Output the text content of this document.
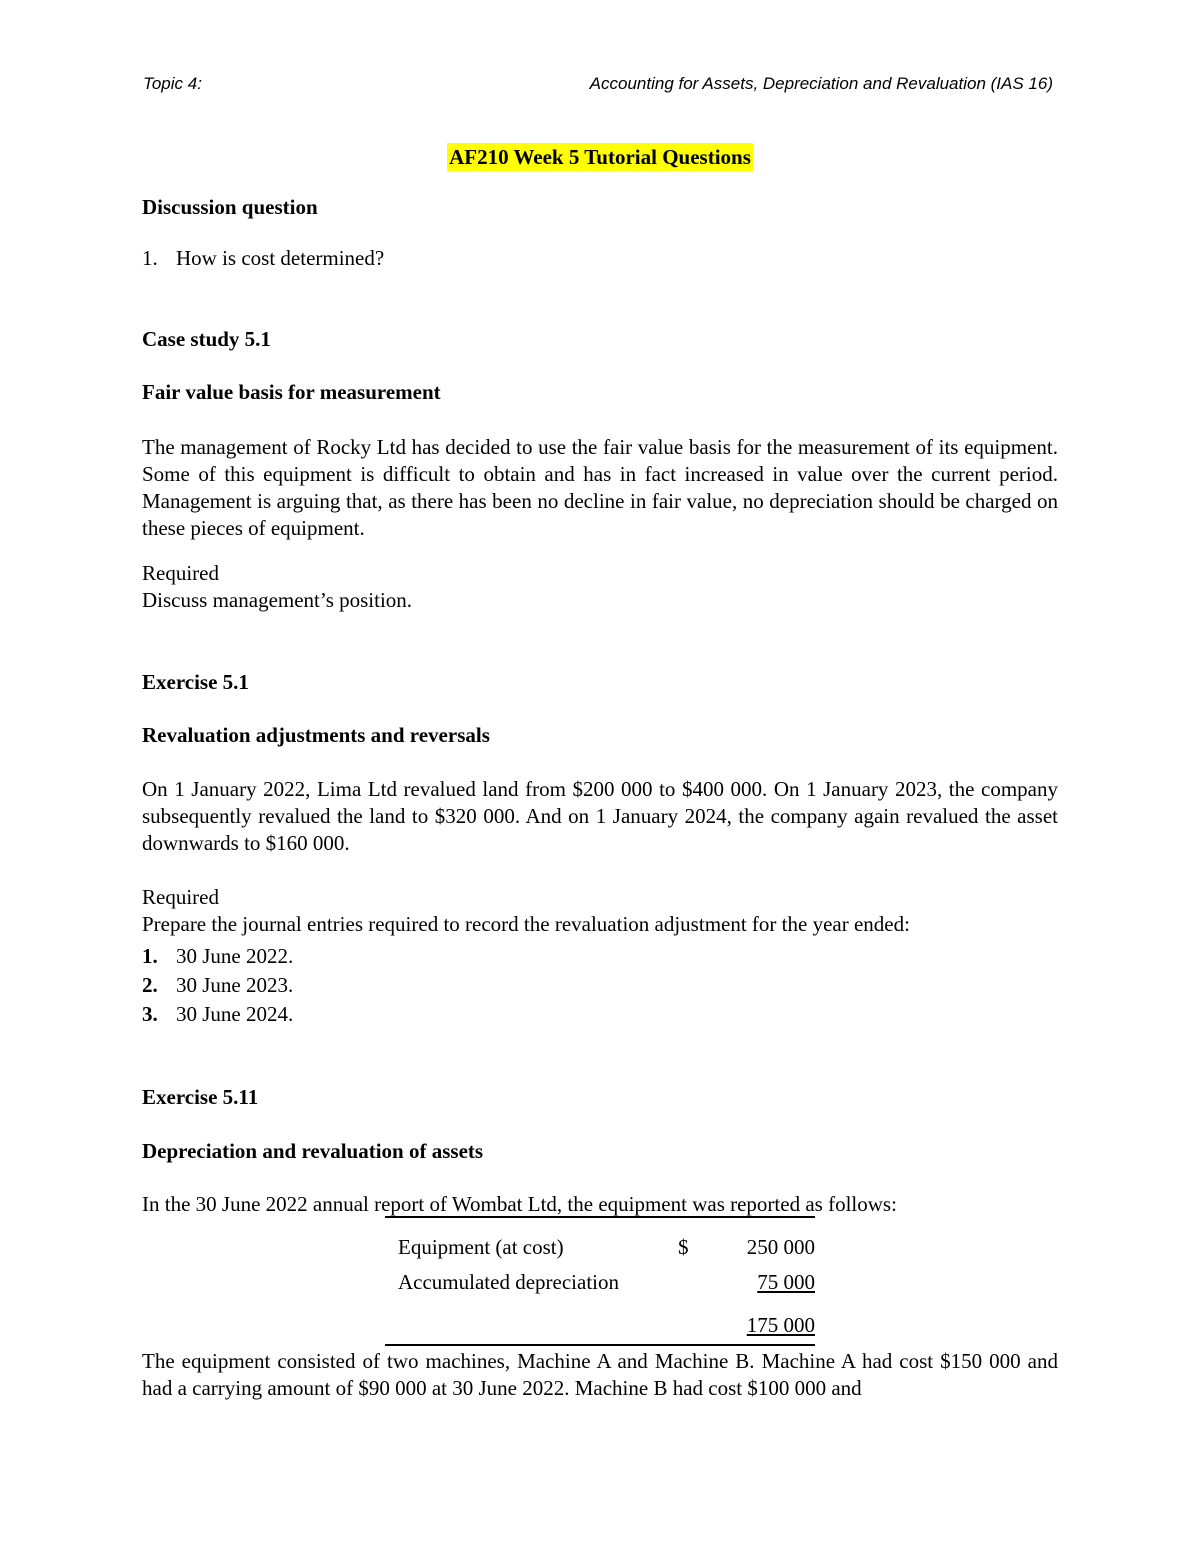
Topic 4:	Accounting for Assets, Depreciation and Revaluation (IAS 16)
AF210 Week 5 Tutorial Questions
Discussion question
1. How is cost determined?
Case study 5.1
Fair value basis for measurement
The management of Rocky Ltd has decided to use the fair value basis for the measurement of its equipment. Some of this equipment is difficult to obtain and has in fact increased in value over the current period. Management is arguing that, as there has been no decline in fair value, no depreciation should be charged on these pieces of equipment.
Required
Discuss management’s position.
Exercise 5.1
Revaluation adjustments and reversals
On 1 January 2022, Lima Ltd revalued land from $200 000 to $400 000. On 1 January 2023, the company subsequently revalued the land to $320 000. And on 1 January 2024, the company again revalued the asset downwards to $160 000.
Required
Prepare the journal entries required to record the revaluation adjustment for the year ended:
1. 30 June 2022.
2. 30 June 2023.
3. 30 June 2024.
Exercise 5.11
Depreciation and revaluation of assets
In the 30 June 2022 annual report of Wombat Ltd, the equipment was reported as follows:
Equipment (at cost)	$	250 000
Accumulated depreciation	75 000
175 000
The equipment consisted of two machines, Machine A and Machine B. Machine A had cost $150 000 and had a carrying amount of $90 000 at 30 June 2022. Machine B had cost $100 000 and
